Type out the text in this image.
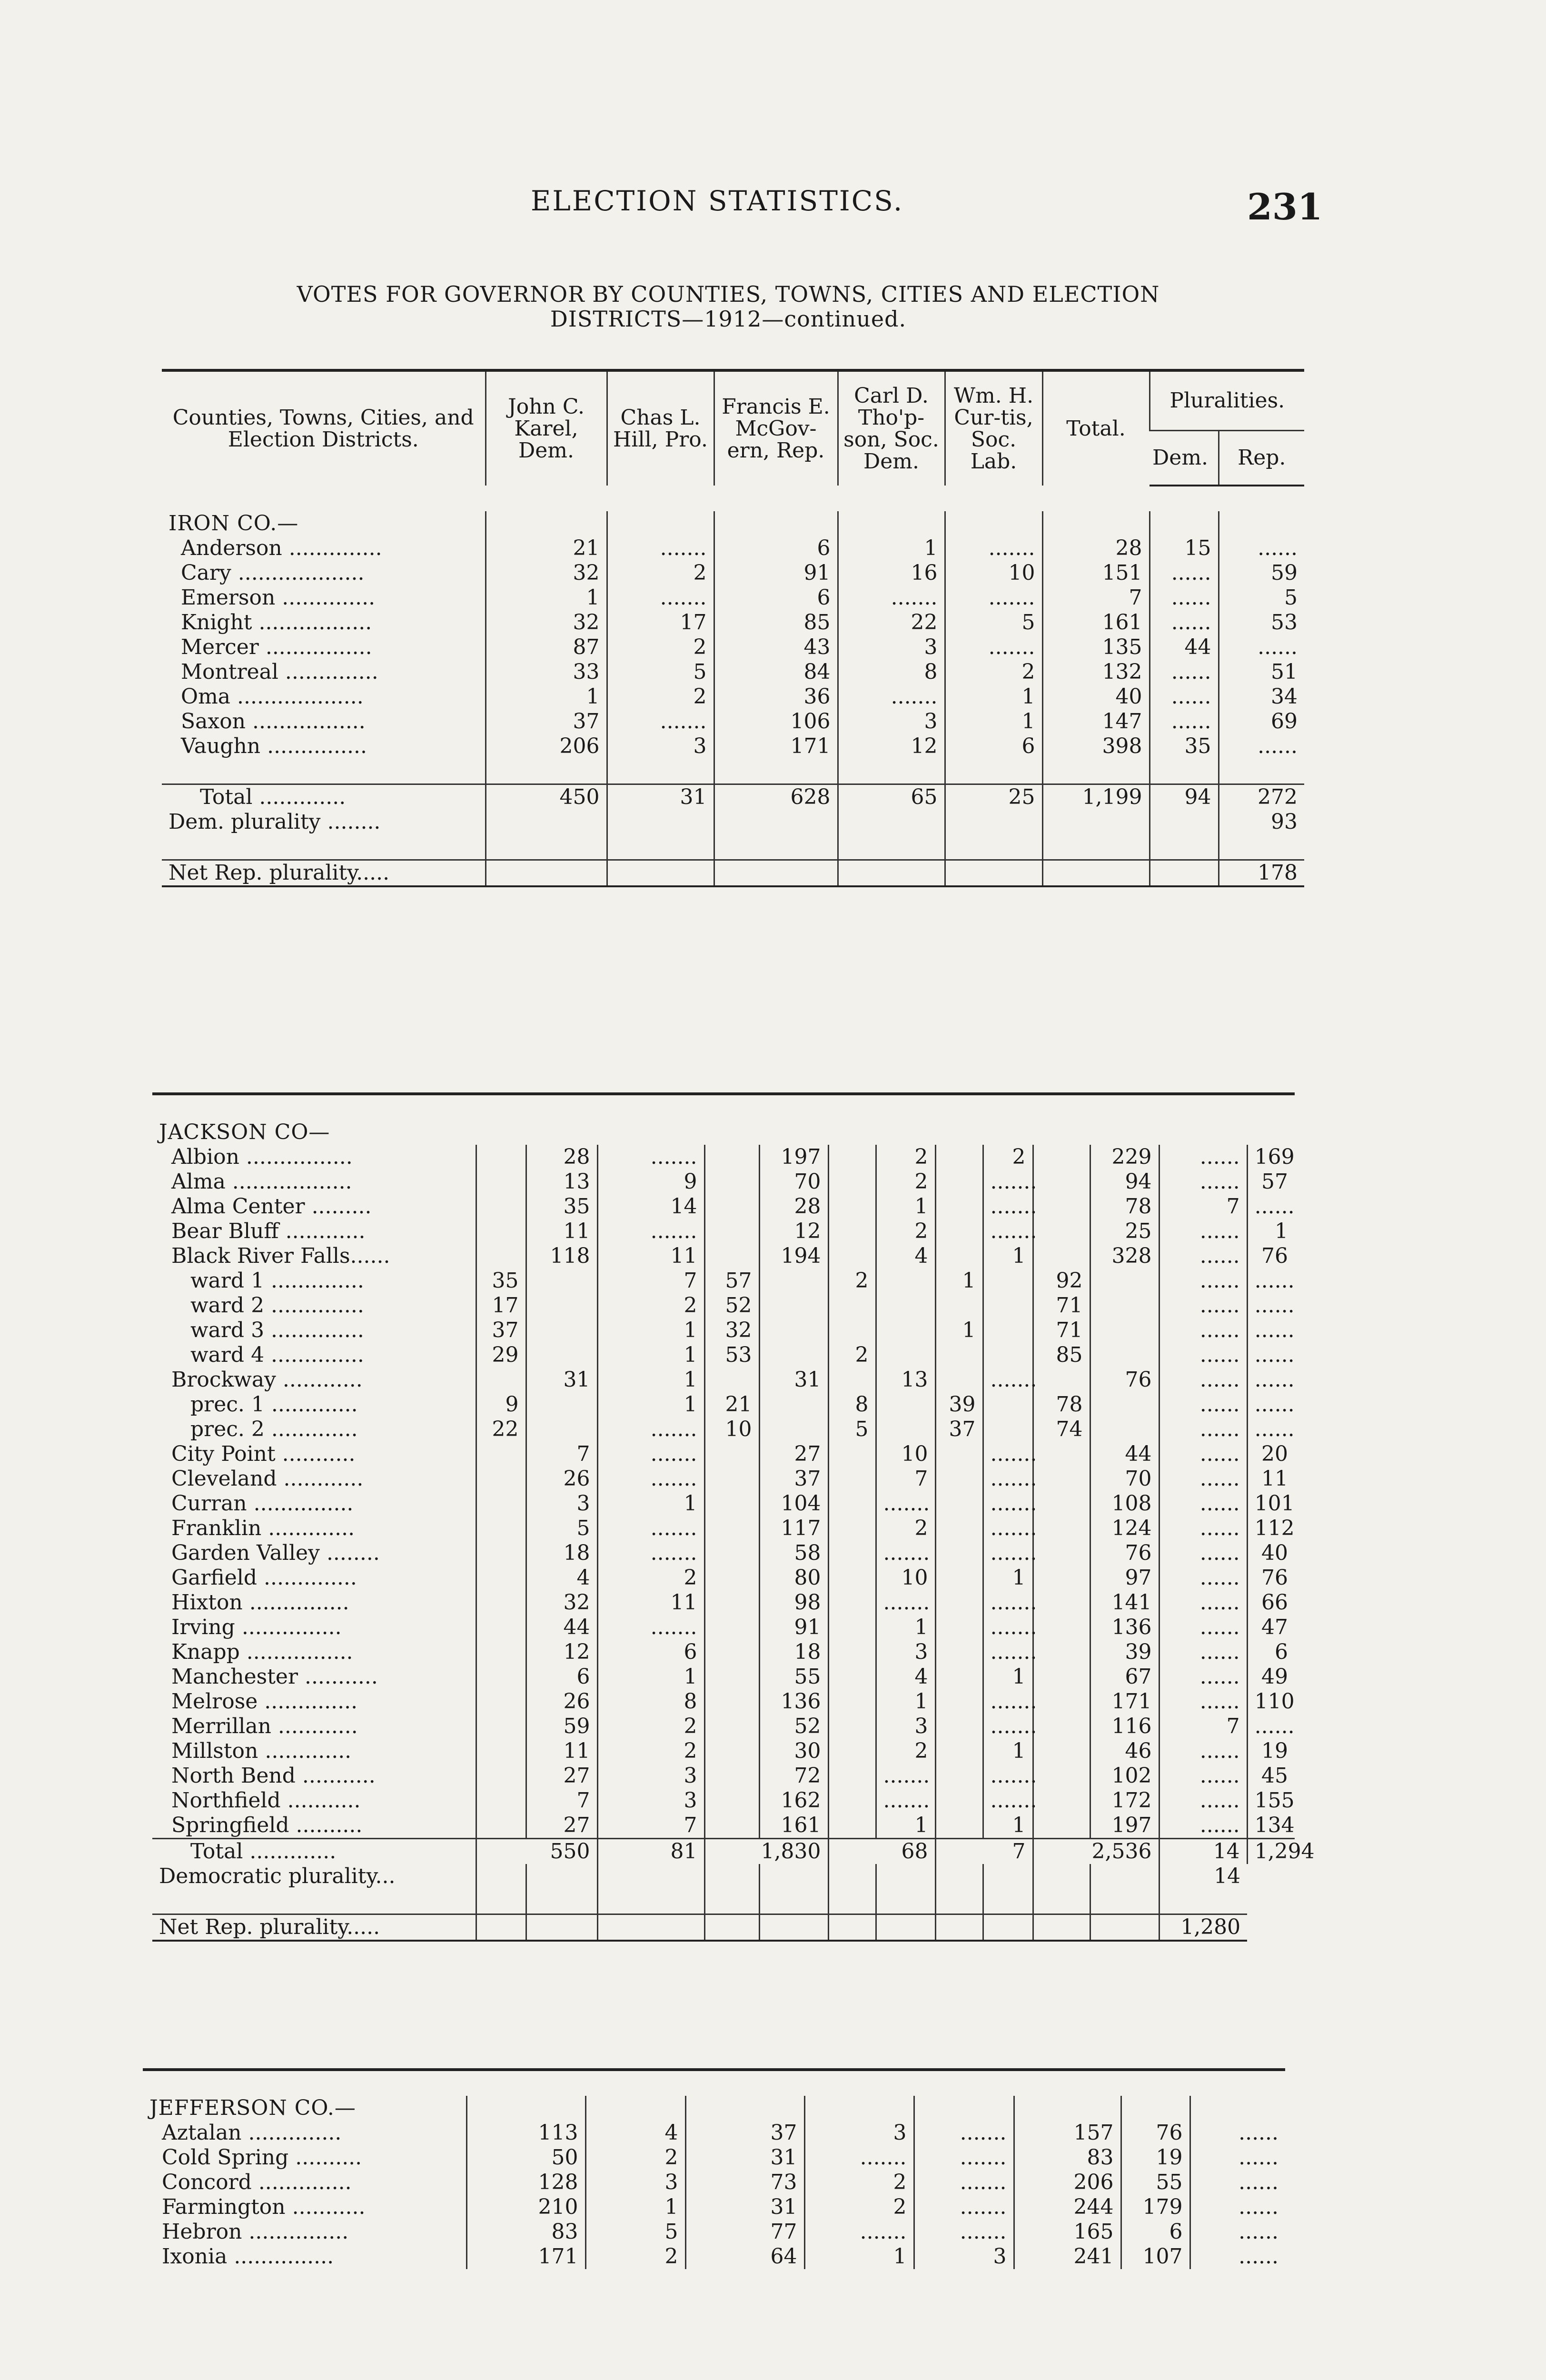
ELECTION STATISTICS.	231
VOTES FOR GOVERNOR BY COUNTIES, TOWNS, CITIES AND ELECTION
DISTRICTS—1912—continued.
Counties, Towns, Cities, and Election Districts.	John C. Karel, Dem.	Chas L. Hill, Pro.	Francis E. McGov-ern, Rep.	Carl D. Tho'p-son, Soc. Dem.	Wm. H. Cur-tis, Soc. Lab.	Total.	Pluralities.	
							Dem.	Rep.

IRON CO.—								
Anderson ..............	21	.......	6	1	.......	28	15	......
Cary ...................	32	2	91	16	10	151	......	59
Emerson ..............	1	.......	6	.......	.......	7	......	5
Knight .................	32	17	85	22	5	161	......	53
Mercer ................	87	2	43	3	.......	135	44	......
Montreal ..............	33	5	84	8	2	132	......	51
Oma ...................	1	2	36	.......	1	40	......	34
Saxon .................	37	.......	106	3	1	147	......	69
Vaughn ...............	206	3	171	12	6	398	35	......

Total .............	450	31	628	65	25	1,199	94	272
Dem. plurality ........								93

Net Rep. plurality.....								178

JACKSON CO—													
Albion ................		28	.......		197		2		2		229	......	169
Alma ..................		13	9		70		2		.......		94	......	57
Alma Center .........		35	14		28		1		.......		78	7	......
Bear Bluff ............		11	.......		12		2		.......		25	......	1
Black River Falls......		118	11		194		4		1		328	......	76
ward 1 ..............	35		7	57		2		1		92		......	......
ward 2 ..............	17		2	52						71		......	......
ward 3 ..............	37		1	32				1		71		......	......
ward 4 ..............	29		1	53		2				85		......	......
Brockway ............		31	1		31		13		.......		76	......	......
prec. 1 .............	9		1	21		8		39		78		......	......
prec. 2 .............	22		.......	10		5		37		74		......	......
City Point ...........		7	.......		27		10		.......		44	......	20
Cleveland ............		26	.......		37		7		.......		70	......	11
Curran ...............		3	1		104		.......		.......		108	......	101
Franklin .............		5	.......		117		2		.......		124	......	112
Garden Valley ........		18	.......		58		.......		.......		76	......	40
Garfield ..............		4	2		80		10		1		97	......	76
Hixton ...............		32	11		98		.......		.......		141	......	66
Irving ...............		44	.......		91		1		.......		136	......	47
Knapp ................		12	6		18		3		.......		39	......	6
Manchester ...........		6	1		55		4		1		67	......	49
Melrose ..............		26	8		136		1		.......		171	......	110
Merrillan ............		59	2		52		3		.......		116	7	......
Millston .............		11	2		30		2		1		46	......	19
North Bend ...........		27	3		72		.......		.......		102	......	45
Northfield ...........		7	3		162		.......		.......		172	......	155
Springfield ..........		27	7		161		1		1		197	......	134
Total .............	550		81	1,830		68		7		2,536		14	1,294
Democratic plurality...												14	

Net Rep. plurality.....												1,280	

JEFFERSON CO.—								
Aztalan ..............	113	4	37	3	.......	157	76	......
Cold Spring ..........	50	2	31	.......	.......	83	19	......
Concord ..............	128	3	73	2	.......	206	55	......
Farmington ...........	210	1	31	2	.......	244	179	......
Hebron ...............	83	5	77	.......	.......	165	6	......
Ixonia ...............	171	2	64	1	3	241	107	......
